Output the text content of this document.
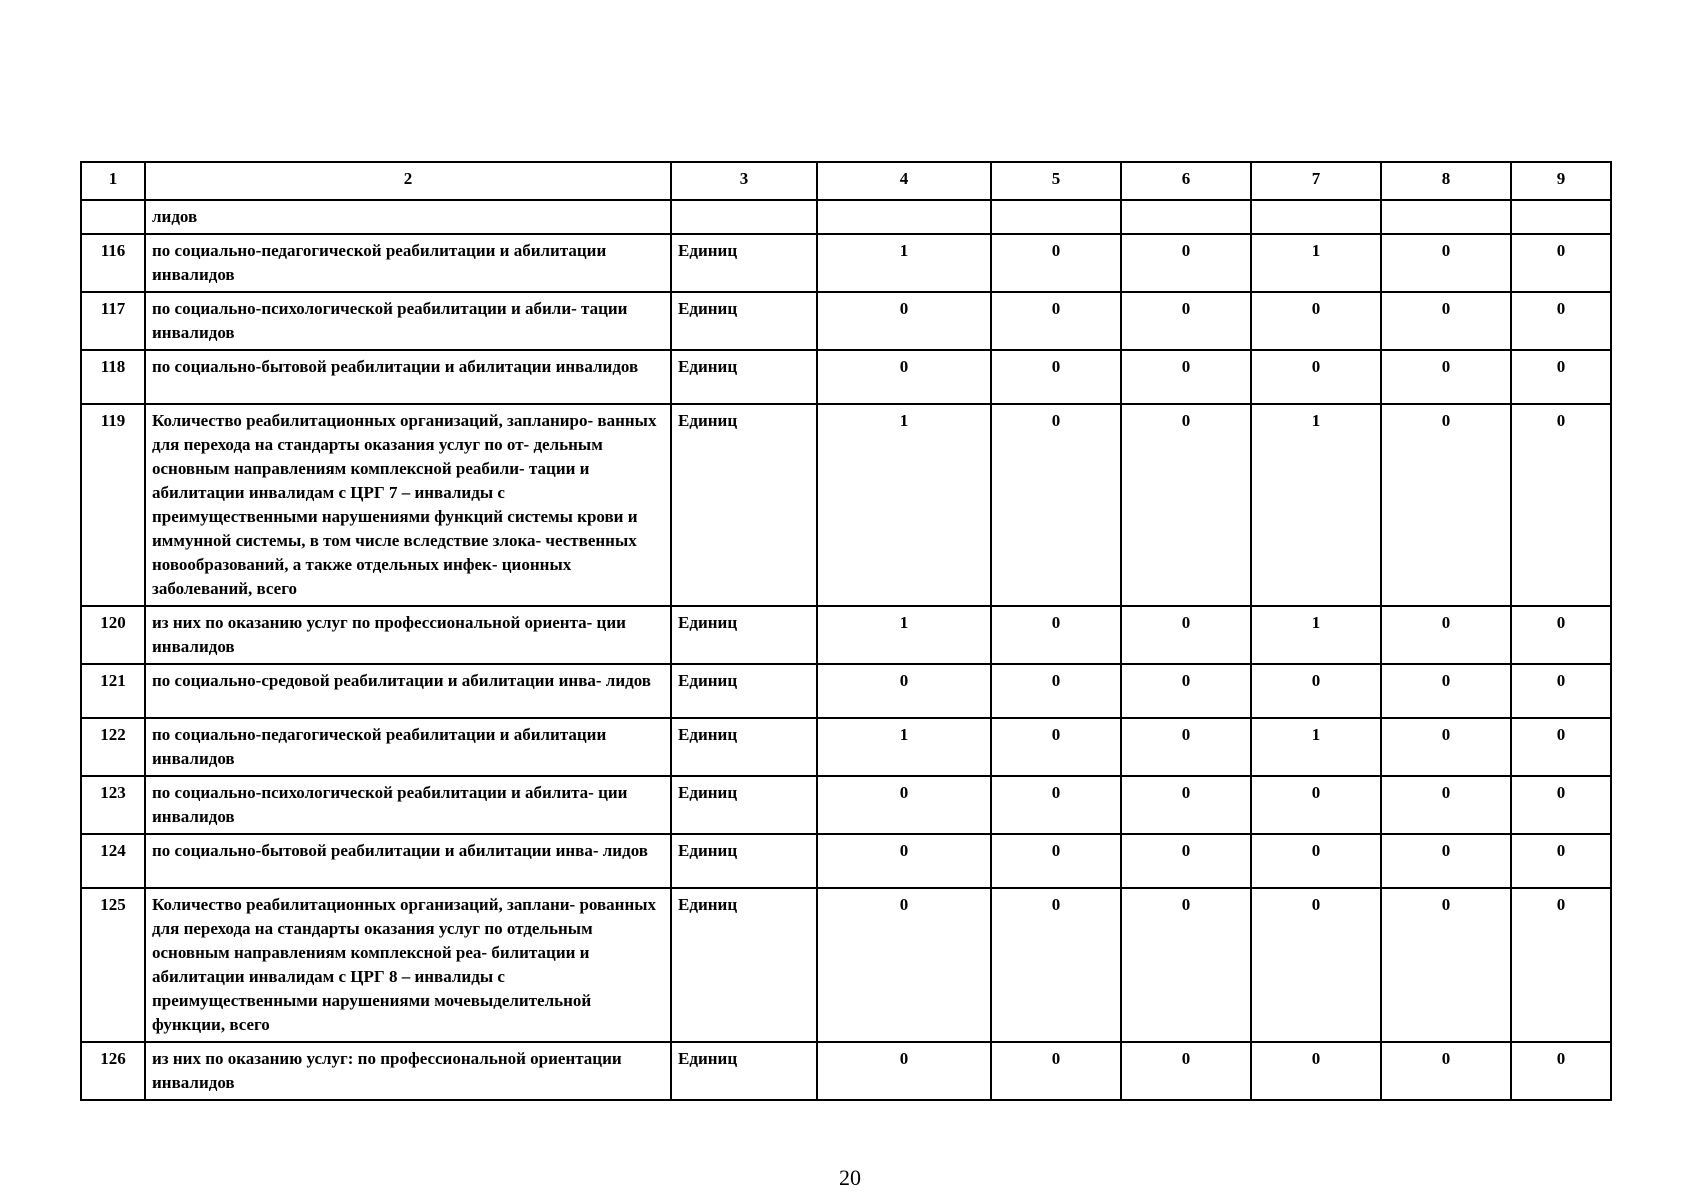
1	2	3	4	5	6	7	8	9
	лидов							
116	по социально-педагогической реабилитации и абилитации инвалидов	Единиц	1	0	0	1	0	0
117	по социально-психологической реабилитации и абили- тации инвалидов	Единиц	0	0	0	0	0	0
118	по социально-бытовой реабилитации и абилитации инвалидов	Единиц	0	0	0	0	0	0
119	Количество реабилитационных организаций, запланиро- ванных для перехода на стандарты оказания услуг по от- дельным основным направлениям комплексной реабили- тации и абилитации инвалидам с ЦРГ 7 – инвалиды с преимущественными нарушениями функций системы крови и иммунной системы, в том числе вследствие злока- чественных новообразований, а также отдельных инфек- ционных заболеваний, всего	Единиц	1	0	0	1	0	0
120	из них по оказанию услуг по профессиональной ориента- ции инвалидов	Единиц	1	0	0	1	0	0
121	по социально-средовой реабилитации и абилитации инва- лидов	Единиц	0	0	0	0	0	0
122	по социально-педагогической реабилитации и абилитации инвалидов	Единиц	1	0	0	1	0	0
123	по социально-психологической реабилитации и абилита- ции инвалидов	Единиц	0	0	0	0	0	0
124	по социально-бытовой реабилитации и абилитации инва- лидов	Единиц	0	0	0	0	0	0
125	Количество реабилитационных организаций, заплани- рованных для перехода на стандарты оказания услуг по отдельным основным направлениям комплексной реа- билитации и абилитации инвалидам с ЦРГ 8 – инвалиды с преимущественными нарушениями мочевыделительной функции, всего	Единиц	0	0	0	0	0	0
126	из них по оказанию услуг: по профессиональной ориентации инвалидов	Единиц	0	0	0	0	0	0
20
